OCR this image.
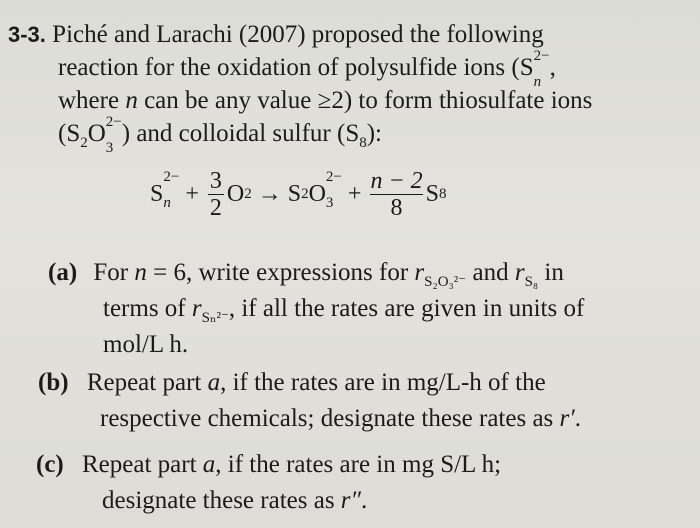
3-3. Piché and Larachi (2007) proposed the following
reaction for the oxidation of polysulfide ions (S 2−
n
,
where n can be any value ≥2) to form thiosulfate ions
($S_2O$ 2−
3
) and colloidal sulfur $(S_8)$:
S
2−
$n + \frac{3}{2}$ O 2 → S 2 O
2−
$3 + \frac{n - 2}{8}$ S 8
(a) For n = 6, write expressions for $r_{S_2O_3^{2-}}$ and $r_{S_8}$ in
terms of $r_{S_n^{2-}}$, if all the rates are given in units of
mol/L h.
(b) Repeat part a, if the rates are in mg/L-h of the
respective chemicals; designate these rates as r′.
(c) Repeat part a, if the rates are in mg S/L h;
designate these rates as r″.
